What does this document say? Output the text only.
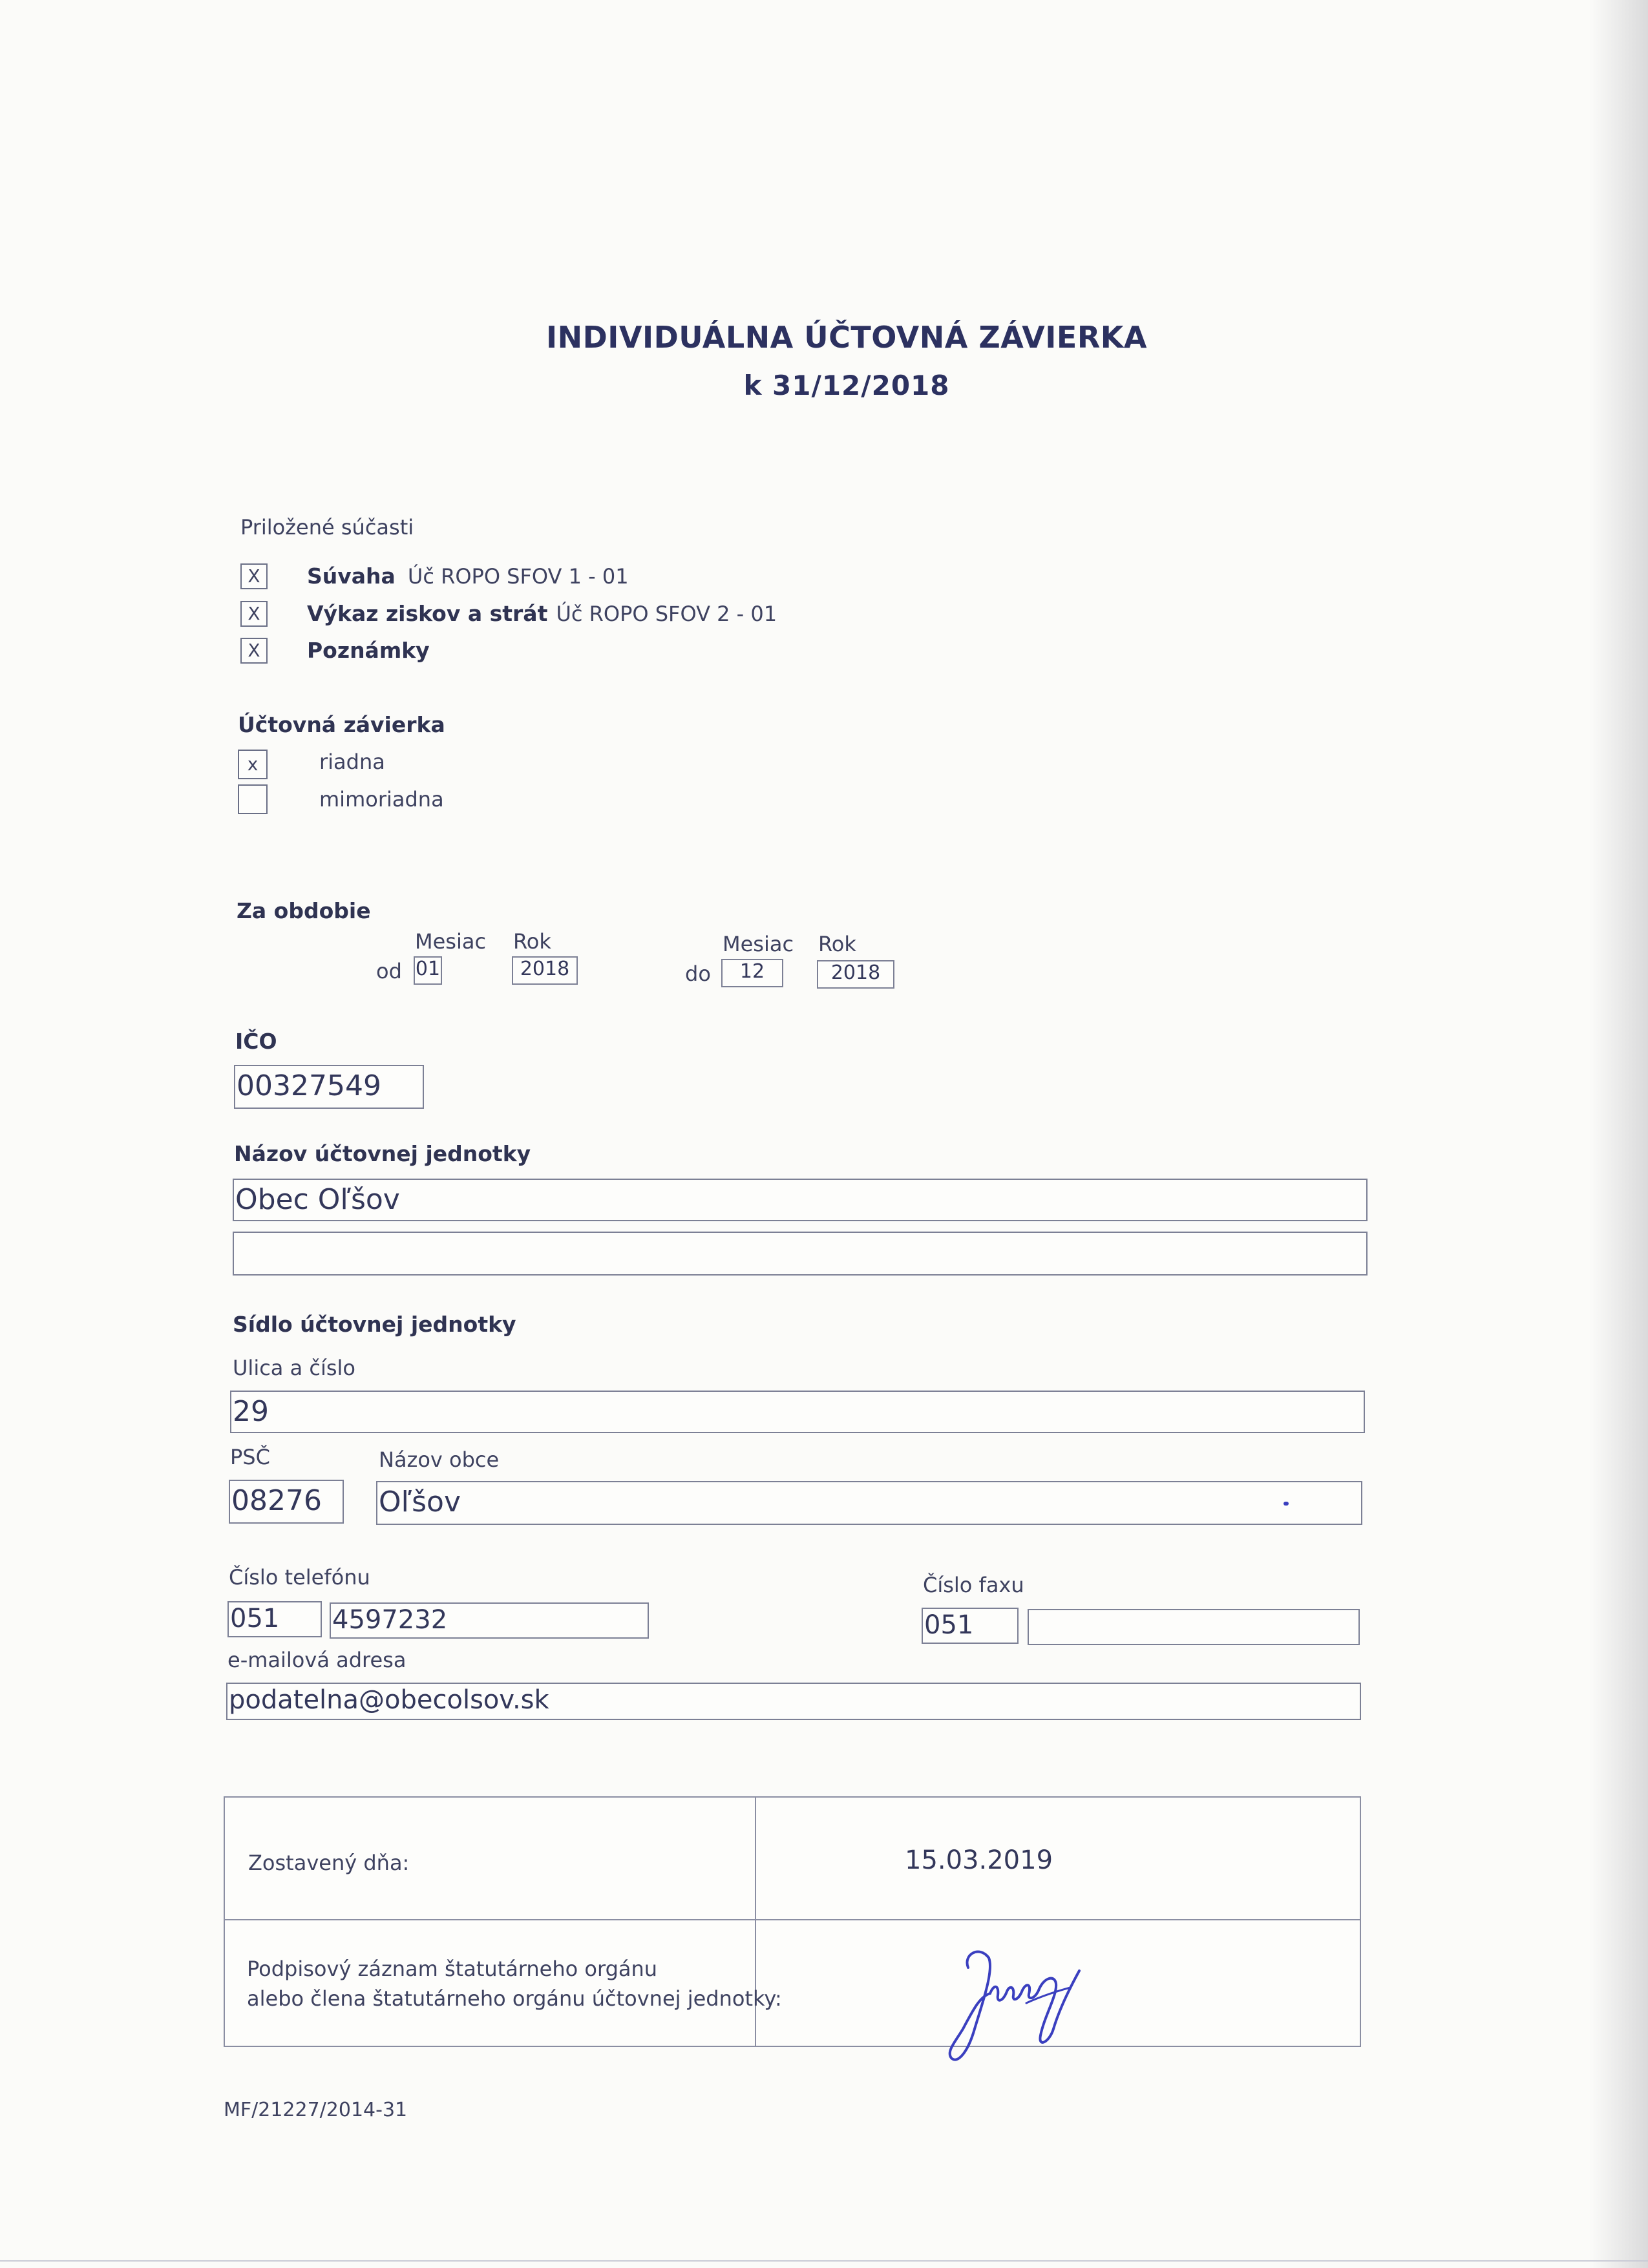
INDIVIDUÁLNA ÚČTOVNÁ ZÁVIERKA
k 31/12/2018
Priložené súčasti
X	Súvaha Úč ROPO SFOV 1 - 01
X	Výkaz ziskov a strát Úč ROPO SFOV 2 - 01
X	Poznámky
Účtovná závierka
x	riadna
mimoriadna
Za obdobie
Mesiac Rok	Mesiac Rok
od 01	2018	do	12	2018
IČO
00327549
Názov účtovnej jednotky
Obec Oľšov
Sídlo účtovnej jednotky
Ulica a číslo
29
PSČ	Názov obce
08276	Oľšov
Číslo telefónu	Číslo faxu
051	4597232	051
e-mailová adresa
podatelna@obecolsov.sk
Zostavený dňa:	15.03.2019
Podpisový záznam štatutárneho orgánu
alebo člena štatutárneho orgánu účtovnej jednotky:
MF/21227/2014-31
